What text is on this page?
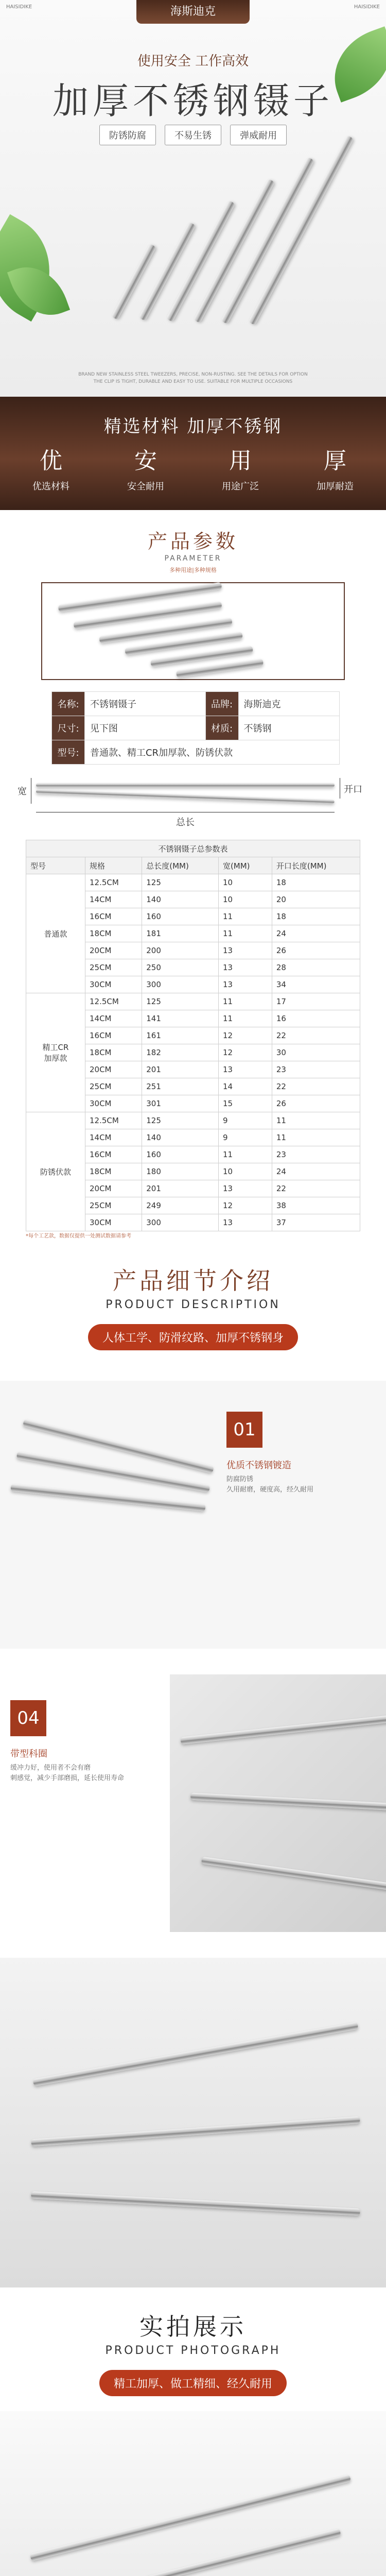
HAISIDIKE	HAISIDIKE
海斯迪克
使用安全 工作高效
加厚不锈钢镊子
防锈防腐	不易生锈	弹威耐用
BRAND NEW STAINLESS STEEL TWEEZERS, PRECISE, NON-RUSTING. SEE THE DETAILS FOR OPTION
THE CLIP IS TIGHT, DURABLE AND EASY TO USE. SUITABLE FOR MULTIPLE OCCASIONS
精选材料 加厚不锈钢
优
优选材料
安
安全耐用
用
用途广泛
厚
加厚耐造
产品参数
PARAMETER
多种用途|多种规格
名称:	不锈钢镊子	品牌:	海斯迪克
尺寸:	见下图	材质:	不锈钢
型号:	普通款、精工CR加厚款、防锈伏款		
开口
宽
总长
不锈钢镊子总参数表				
型号	规格	总长度(MM)	宽(MM)	开口长度(MM)
普通款	12.5CM	125	10	18
	14CM	140	10	20
	16CM	160	11	18
	18CM	181	11	24
	20CM	200	13	26
	25CM	250	13	28
	30CM	300	13	34
精工CR
加厚款	12.5CM	125	11	17
	14CM	141	11	16
	16CM	161	12	22
	18CM	182	12	30
	20CM	201	13	23
	25CM	251	14	22
	30CM	301	15	26
防锈伏款	12.5CM	125	9	11
	14CM	140	9	11
	16CM	160	11	23
	18CM	180	10	24
	20CM	201	13	22
	25CM	249	12	38
	30CM	300	13	37
*每个工艺款，数据仅提供一处测试数据请参考
产品细节介绍
PRODUCT DESCRIPTION
人体工学、防滑纹路、加厚不锈钢身
01
优质不锈钢镀造
防腐防锈
久用耐磨，硬度高，经久耐用
04
带型科圈
缓冲力好，使用者不会有磨
刺感觉，减少手部磨损，延长使用寿命
实拍展示
PRODUCT PHOTOGRAPH
精工加厚、做工精细、经久耐用
